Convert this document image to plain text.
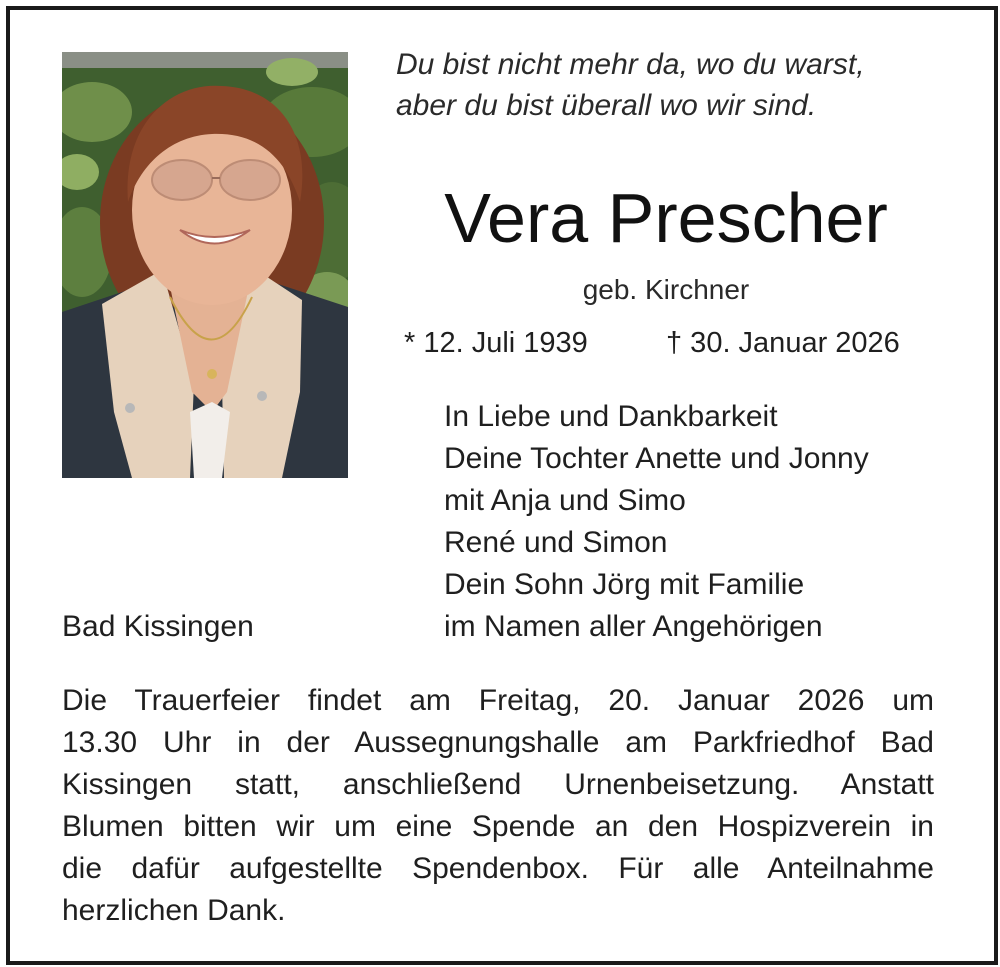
Du bist nicht mehr da, wo du warst,
aber du bist überall wo wir sind.
Vera Prescher
geb. Kirchner
* 12. Juli 1939	† 30. Januar 2026
In Liebe und Dankbarkeit
Deine Tochter Anette und Jonny
mit Anja und Simo
René und Simon
Dein Sohn Jörg mit Familie
im Namen aller Angehörigen
Bad Kissingen
Die Trauerfeier findet am Freitag, 20. Januar 2026 um
13.30 Uhr in der Aussegnungshalle am Parkfriedhof Bad
Kissingen statt, anschließend Urnenbeisetzung. Anstatt
Blumen bitten wir um eine Spende an den Hospizverein in
die dafür aufgestellte Spendenbox. Für alle Anteilnahme
herzlichen Dank.
